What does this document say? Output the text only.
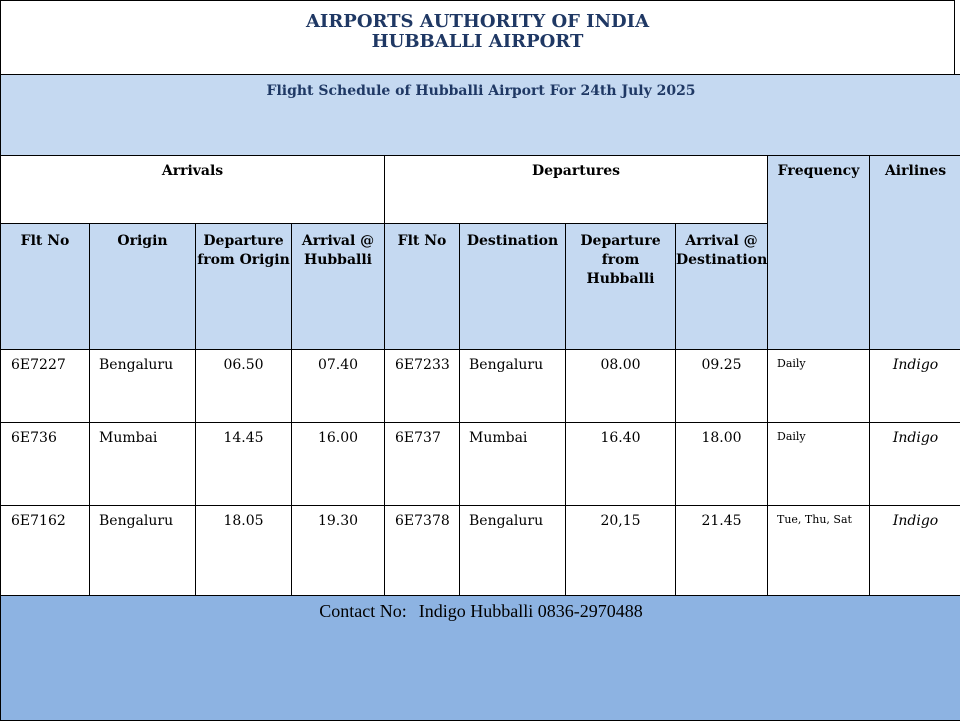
AIRPORTS AUTHORITY OF INDIA
HUBBALLI AIRPORT
Flight Schedule of Hubballi Airport For 24th July 2025									
Arrivals				Departures				Frequency	Airlines
Flt No	Origin	Departure from Origin	Arrival @ Hubballi	Flt No	Destination	Departure from Hubballi	Arrival @ Destination		
6E7227	Bengaluru	06.50	07.40	6E7233	Bengaluru	08.00	09.25	Daily	Indigo
6E736	Mumbai	14.45	16.00	6E737	Mumbai	16.40	18.00	Daily	Indigo
6E7162	Bengaluru	18.05	19.30	6E7378	Bengaluru	20,15	21.45	Tue, Thu, Sat	Indigo
Contact No: Indigo Hubballi 0836-2970488									
